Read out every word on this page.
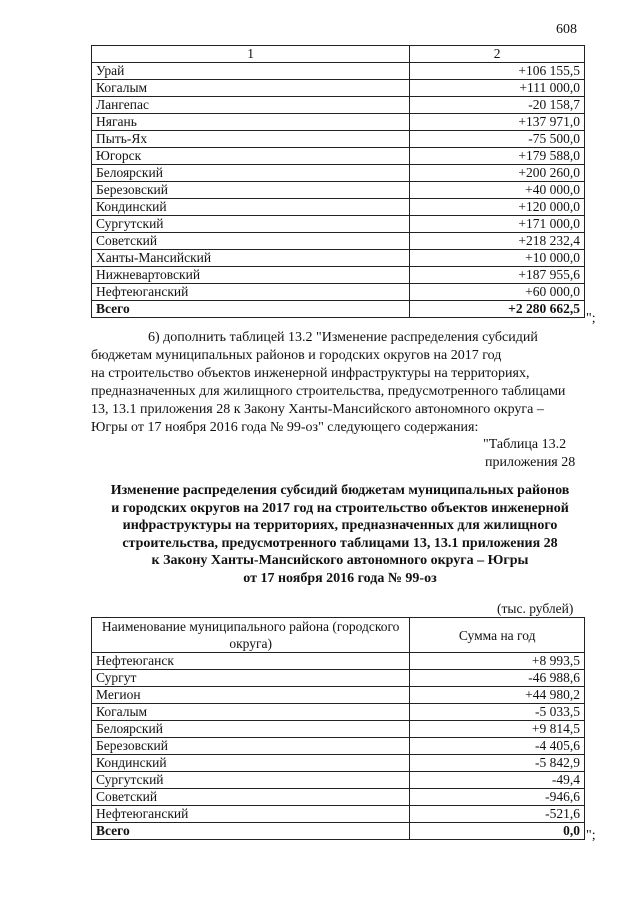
608
1	2
Урай	+106 155,5
Когалым	+111 000,0
Лангепас	-20 158,7
Нягань	+137 971,0
Пыть-Ях	-75 500,0
Югорск	+179 588,0
Белоярский	+200 260,0
Березовский	+40 000,0
Кондинский	+120 000,0
Сургутский	+171 000,0
Советский	+218 232,4
Ханты-Мансийский	+10 000,0
Нижневартовский	+187 955,6
Нефтеюганский	+60 000,0
Всего	+2 280 662,5
";
6) дополнить таблицей 13.2 "Изменение распределения субсидий
бюджетам муниципальных районов и городских округов на 2017 год
на строительство объектов инженерной инфраструктуры на территориях,
предназначенных для жилищного строительства, предусмотренного таблицами
13, 13.1 приложения 28 к Закону Ханты-Мансийского автономного округа –
Югры от 17 ноября 2016 года № 99-оз" следующего содержания:
"Таблица 13.2
приложения 28
Изменение распределения субсидий бюджетам муниципальных районов
и городских округов на 2017 год на строительство объектов инженерной
инфраструктуры на территориях, предназначенных для жилищного
строительства, предусмотренного таблицами 13, 13.1 приложения 28
к Закону Ханты-Мансийского автономного округа – Югры
от 17 ноября 2016 года № 99-оз
(тыс. рублей)
Наименование муниципального района (городского округа)	Сумма на год
Нефтеюганск	+8 993,5
Сургут	-46 988,6
Мегион	+44 980,2
Когалым	-5 033,5
Белоярский	+9 814,5
Березовский	-4 405,6
Кондинский	-5 842,9
Сургутский	-49,4
Советский	-946,6
Нефтеюганский	-521,6
Всего	0,0 ";
